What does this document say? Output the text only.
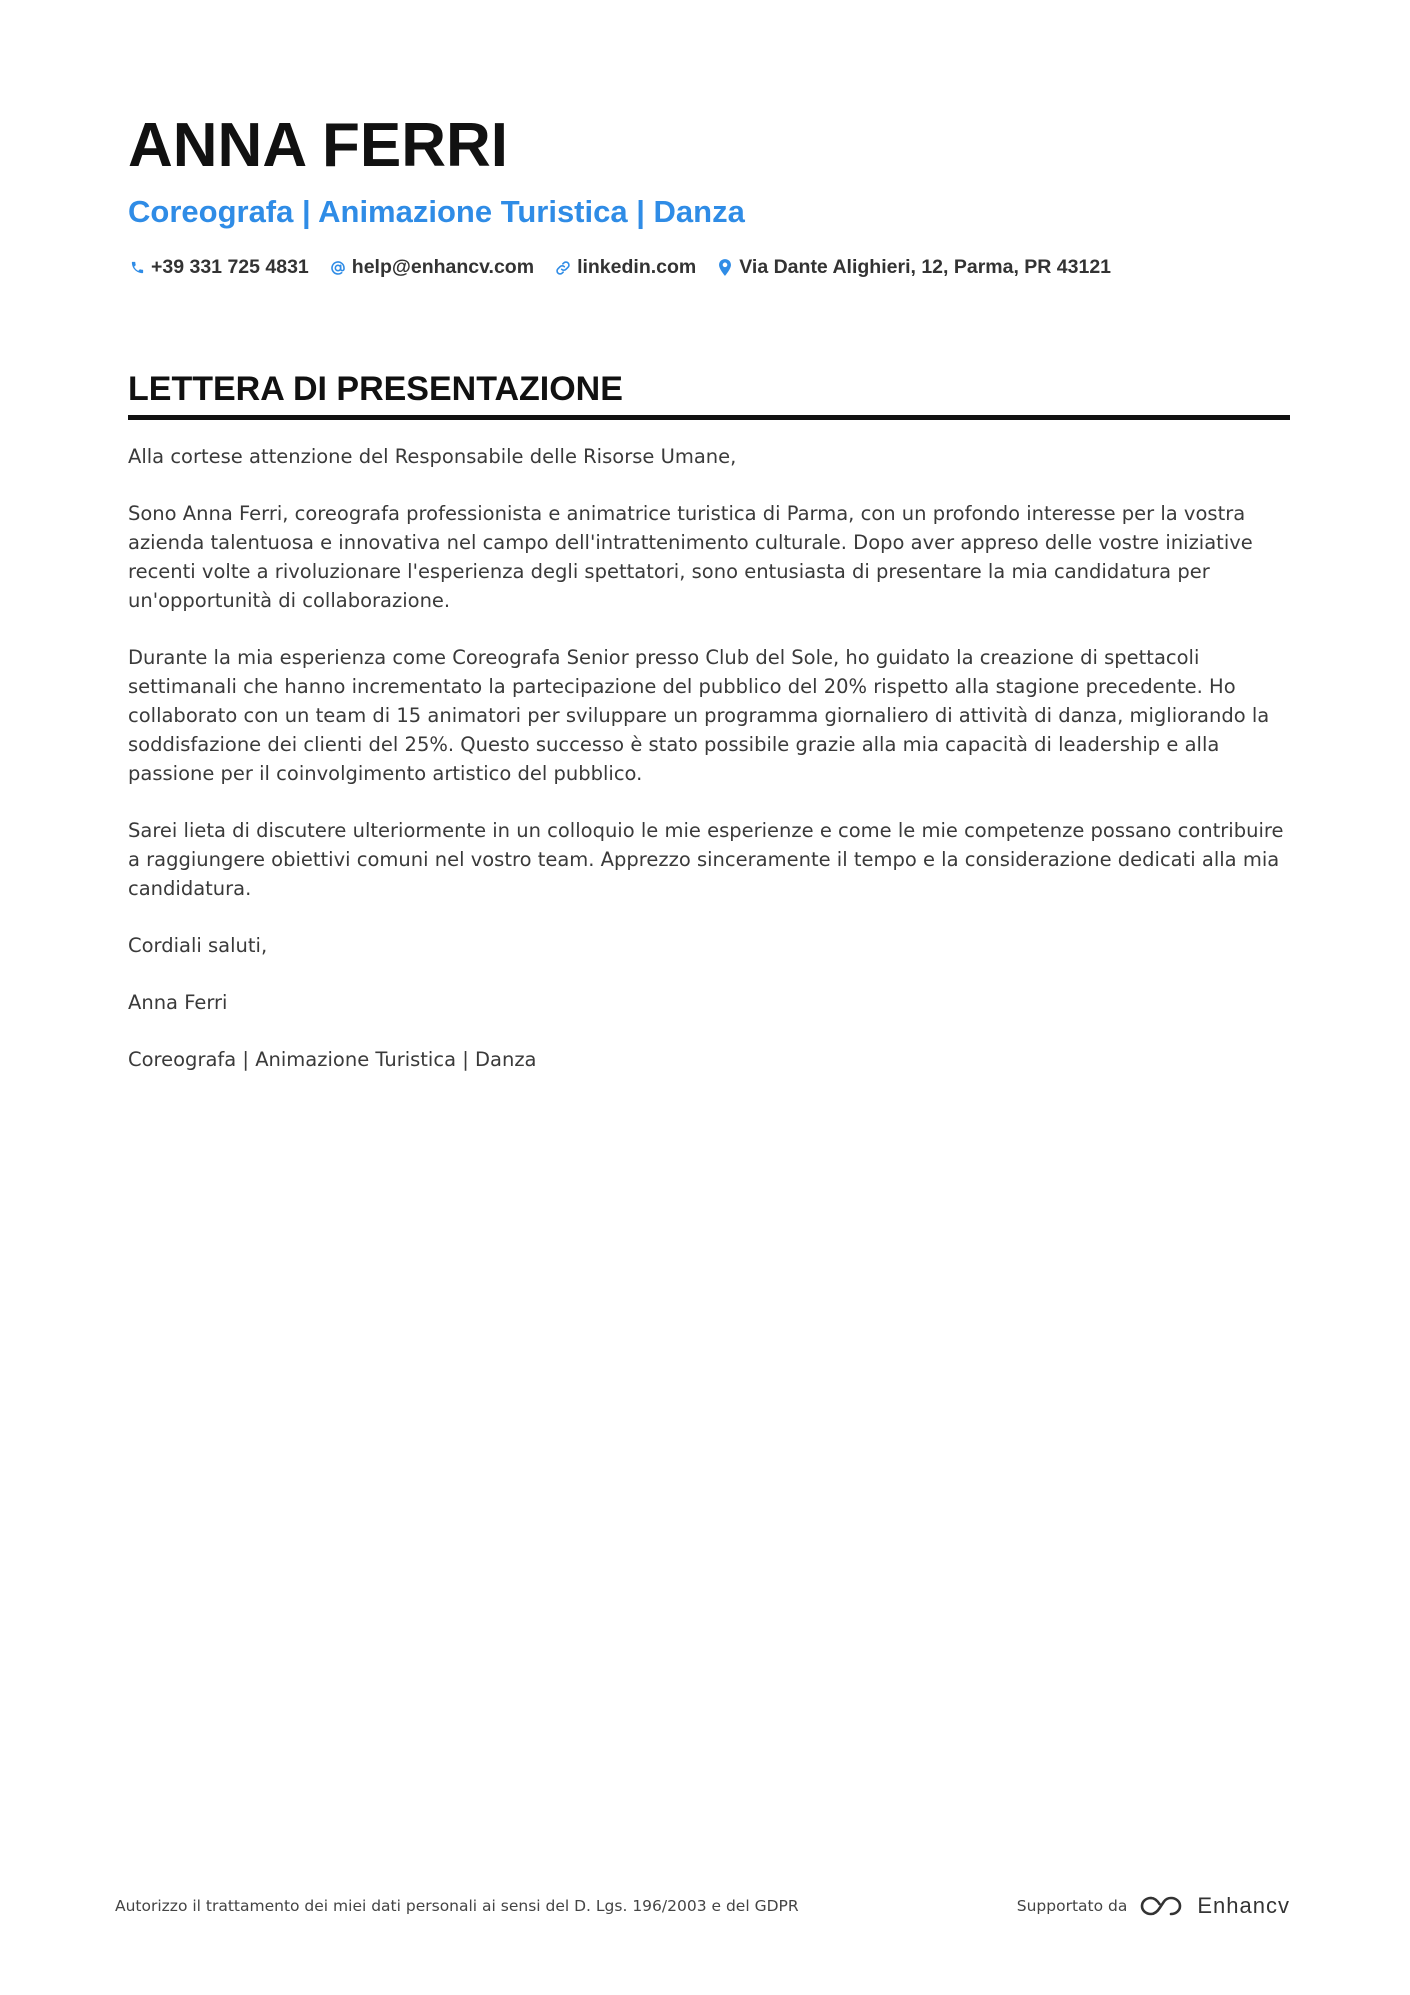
ANNA FERRI
Coreografa | Animazione Turistica | Danza
+39 331 725 4831 help@enhancv.com linkedin.com Via Dante Alighieri, 12, Parma, PR 43121
LETTERA DI PRESENTAZIONE

Alla cortese attenzione del Responsabile delle Risorse Umane,

Sono Anna Ferri, coreografa professionista e animatrice turistica di Parma, con un profondo interesse per la vostra azienda talentuosa e innovativa nel campo dell'intrattenimento culturale. Dopo aver appreso delle vostre iniziative recenti volte a rivoluzionare l'esperienza degli spettatori, sono entusiasta di presentare la mia candidatura per un'opportunità di collaborazione.

Durante la mia esperienza come Coreografa Senior presso Club del Sole, ho guidato la creazione di spettacoli settimanali che hanno incrementato la partecipazione del pubblico del 20% rispetto alla stagione precedente. Ho collaborato con un team di 15 animatori per sviluppare un programma giornaliero di attività di danza, migliorando la soddisfazione dei clienti del 25%. Questo successo è stato possibile grazie alla mia capacità di leadership e alla passione per il coinvolgimento artistico del pubblico.

Sarei lieta di discutere ulteriormente in un colloquio le mie esperienze e come le mie competenze possano contribuire a raggiungere obiettivi comuni nel vostro team. Apprezzo sinceramente il tempo e la considerazione dedicati alla mia candidatura.

Cordiali saluti,

Anna Ferri

Coreografa | Animazione Turistica | Danza

Autorizzo il trattamento dei miei dati personali ai sensi del D. Lgs. 196/2003 e del GDPR	Supportato da	Enhancv
